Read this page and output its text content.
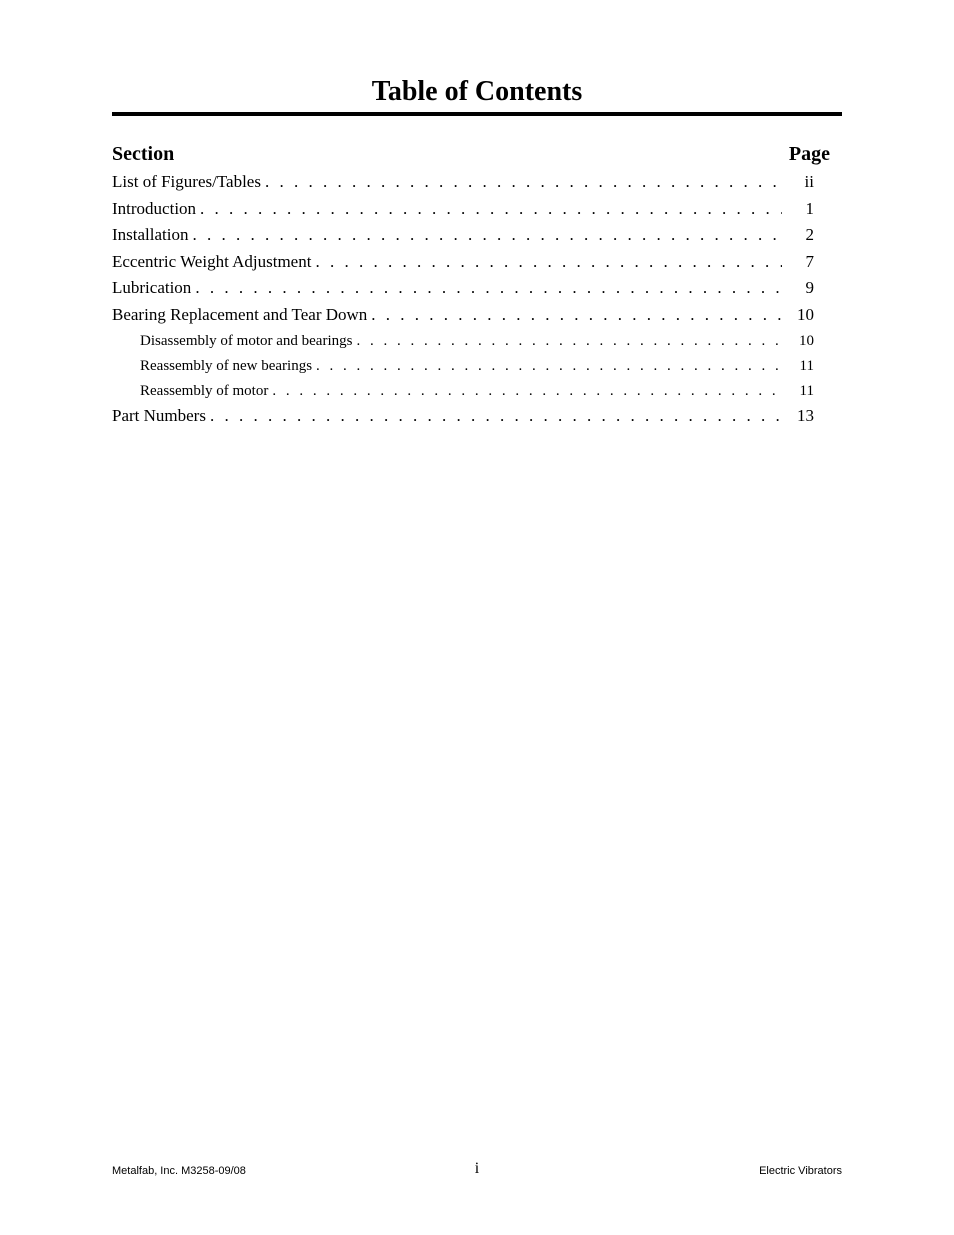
Table of Contents
Section	Page
List of Figures/Tables . . .	ii
Introduction . . .	1
Installation . . .	2
Eccentric Weight Adjustment . . .	7
Lubrication . . .	9
Bearing Replacement and Tear Down . . .	10
Disassembly of motor and bearings . . .	10
Reassembly of new bearings . . .	11
Reassembly of motor . . .	11
Part Numbers . . .	13
Metalfab, Inc. M3258-09/08	i	Electric Vibrators
